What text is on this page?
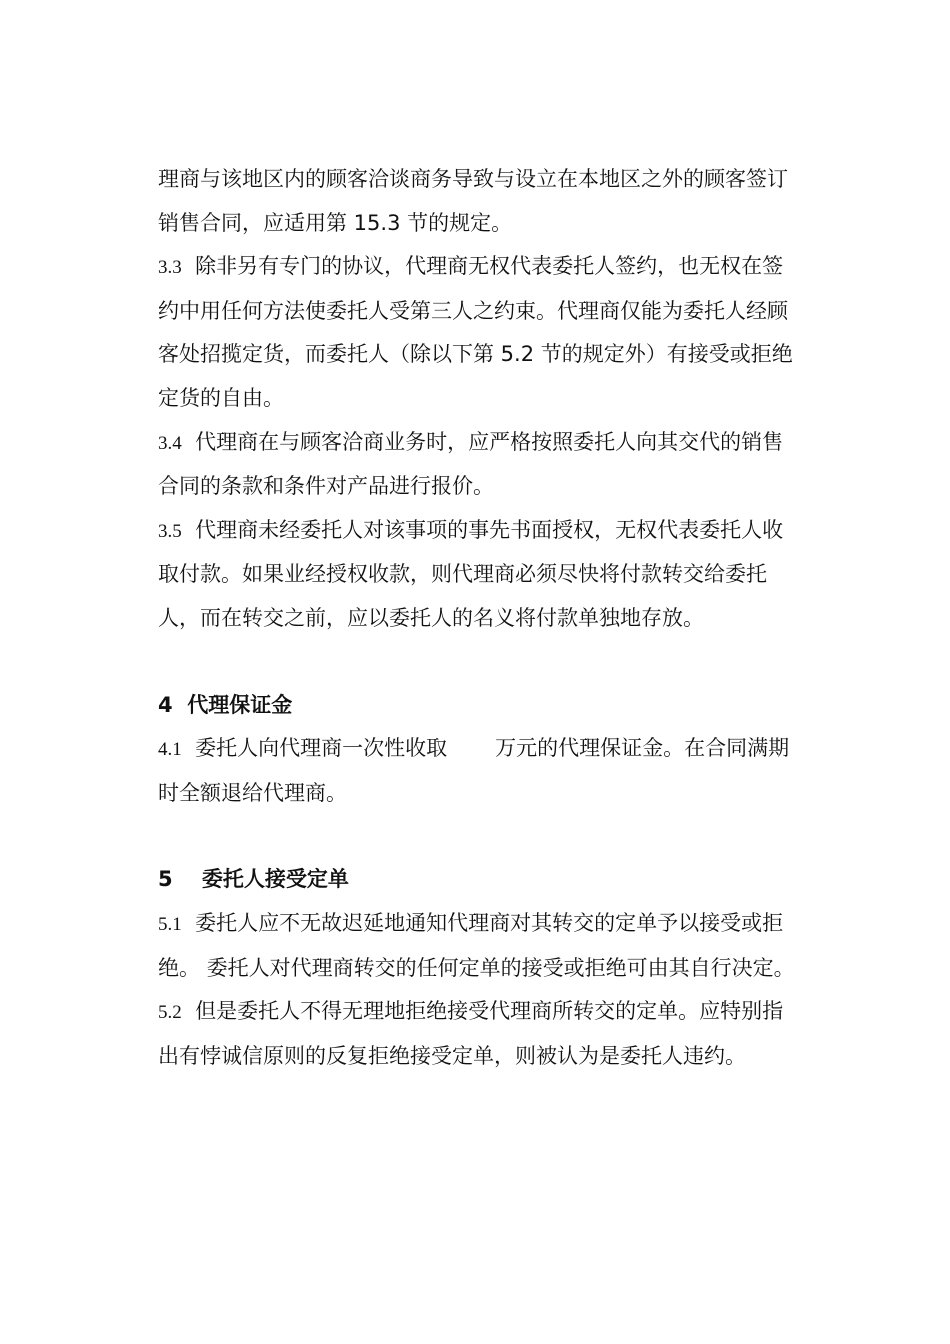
理商与该地区内的顾客洽谈商务导致与设立在本地区之外的顾客签订销售合同，应适用第 15.3 节的规定。

3.3 除非另有专门的协议，代理商无权代表委托人签约，也无权在签约中用任何方法使委托人受第三人之约束。代理商仅能为委托人经顾客处招揽定货，而委托人（除以下第 5.2 节的规定外）有接受或拒绝定货的自由。

3.4 代理商在与顾客洽商业务时，应严格按照委托人向其交代的销售合同的条款和条件对产品进行报价。

3.5 代理商未经委托人对该事项的事先书面授权，无权代表委托人收取付款。如果业经授权收款，则代理商必须尽快将付款转交给委托人，而在转交之前，应以委托人的名义将付款单独地存放。

4 代理保证金

4.1 委托人向代理商一次性收取 万元的代理保证金。在合同满期时全额退给代理商。

5 委托人接受定单

5.1 委托人应不无故迟延地通知代理商对其转交的定单予以接受或拒绝。 委托人对代理商转交的任何定单的接受或拒绝可由其自行决定。

5.2 但是委托人不得无理地拒绝接受代理商所转交的定单。应特别指出有悖诚信原则的反复拒绝接受定单，则被认为是委托人违约。
